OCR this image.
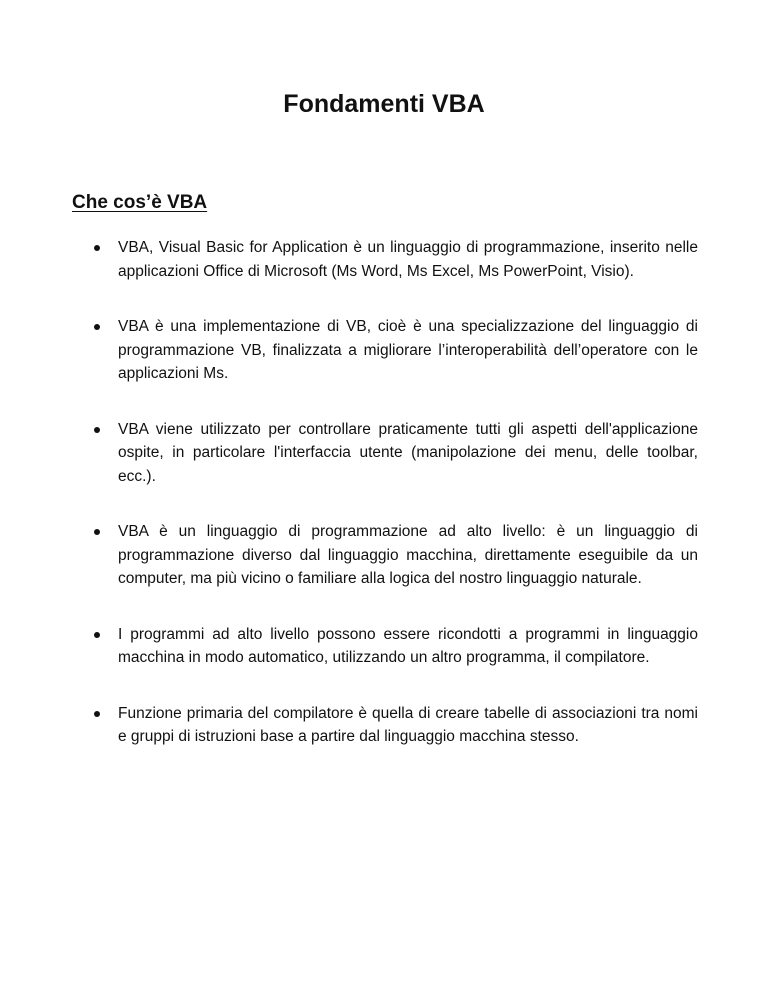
Fondamenti VBA
Che cos’è VBA
VBA, Visual Basic for Application è un linguaggio di programmazione, inserito nelle applicazioni Office di Microsoft (Ms Word, Ms Excel, Ms PowerPoint, Visio).
VBA è una implementazione di VB, cioè è una specializzazione del linguaggio di programmazione VB, finalizzata a migliorare l’interoperabilità dell’operatore con le applicazioni Ms.
VBA viene utilizzato per controllare praticamente tutti gli aspetti dell'applicazione ospite, in particolare l'interfaccia utente (manipolazione dei menu, delle toolbar, ecc.).
VBA è un linguaggio di programmazione ad alto livello: è un linguaggio di programmazione diverso dal linguaggio macchina, direttamente eseguibile da un computer, ma più vicino o familiare alla logica del nostro linguaggio naturale.
I programmi ad alto livello possono essere ricondotti a programmi in linguaggio macchina in modo automatico, utilizzando un altro programma, il compilatore.
Funzione primaria del compilatore è quella di creare tabelle di associazioni tra nomi e gruppi di istruzioni base a partire dal linguaggio macchina stesso.
